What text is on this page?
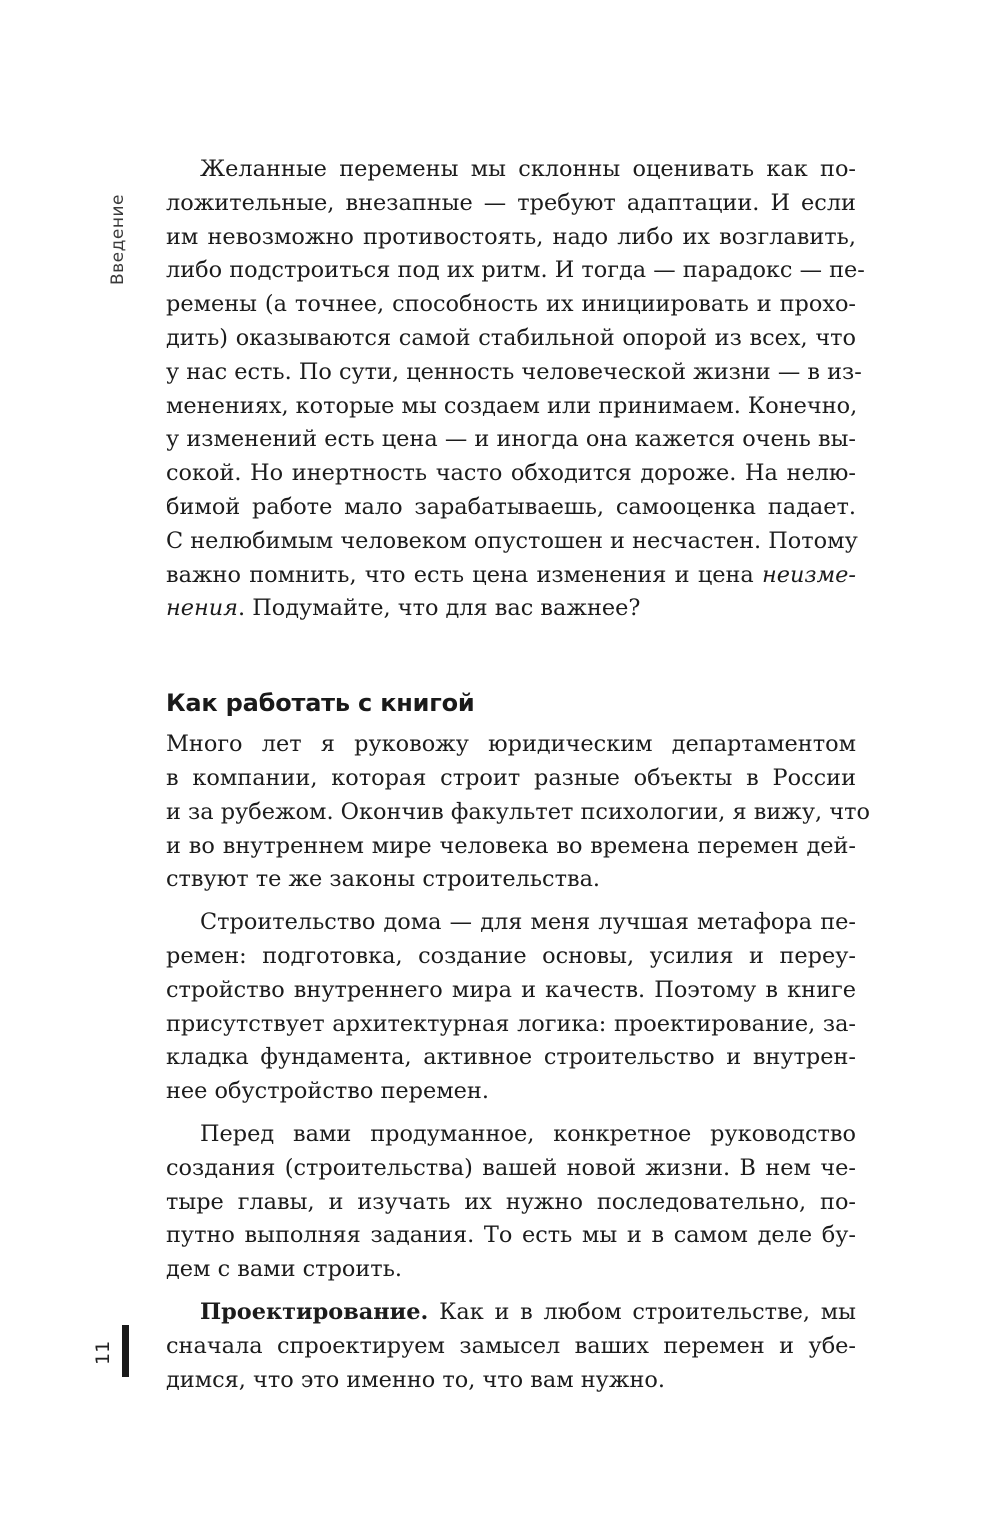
Введение

Желанные перемены мы склонны оценивать как по-
ложительные, внезапные — требуют адаптации. И если
им невозможно противостоять, надо либо их возглавить,
либо подстроиться под их ритм. И тогда — парадокс — пе-
ремены (а точнее, способность их инициировать и прохо-
дить) оказываются самой стабильной опорой из всех, что
у нас есть. По сути, ценность человеческой жизни — в из-
менениях, которые мы создаем или принимаем. Конечно,
у изменений есть цена — и иногда она кажется очень вы-
сокой. Но инертность часто обходится дороже. На нелю-
бимой работе мало зарабатываешь, самооценка падает.
С нелюбимым человеком опустошен и несчастен. Потому
важно помнить, что есть цена изменения и цена неизме-
нения. Подумайте, что для вас важнее?

Как работать с книгой

Много лет я руковожу юридическим департаментом
в компании, которая строит разные объекты в России
и за рубежом. Окончив факультет психологии, я вижу, что
и во внутреннем мире человека во времена перемен дей-
ствуют те же законы строительства.

Строительство дома — для меня лучшая метафора пе-
ремен: подготовка, создание основы, усилия и переу-
стройство внутреннего мира и качеств. Поэтому в книге
присутствует архитектурная логика: проектирование, за-
кладка фундамента, активное строительство и внутрен-
нее обустройство перемен.

Перед вами продуманное, конкретное руководство
создания (строительства) вашей новой жизни. В нем че-
тыре главы, и изучать их нужно последовательно, по-
путно выполняя задания. То есть мы и в самом деле бу-
дем с вами строить.

Проектирование. Как и в любом строительстве, мы
сначала спроектируем замысел ваших перемен и убе-
димся, что это именно то, что вам нужно.

11
